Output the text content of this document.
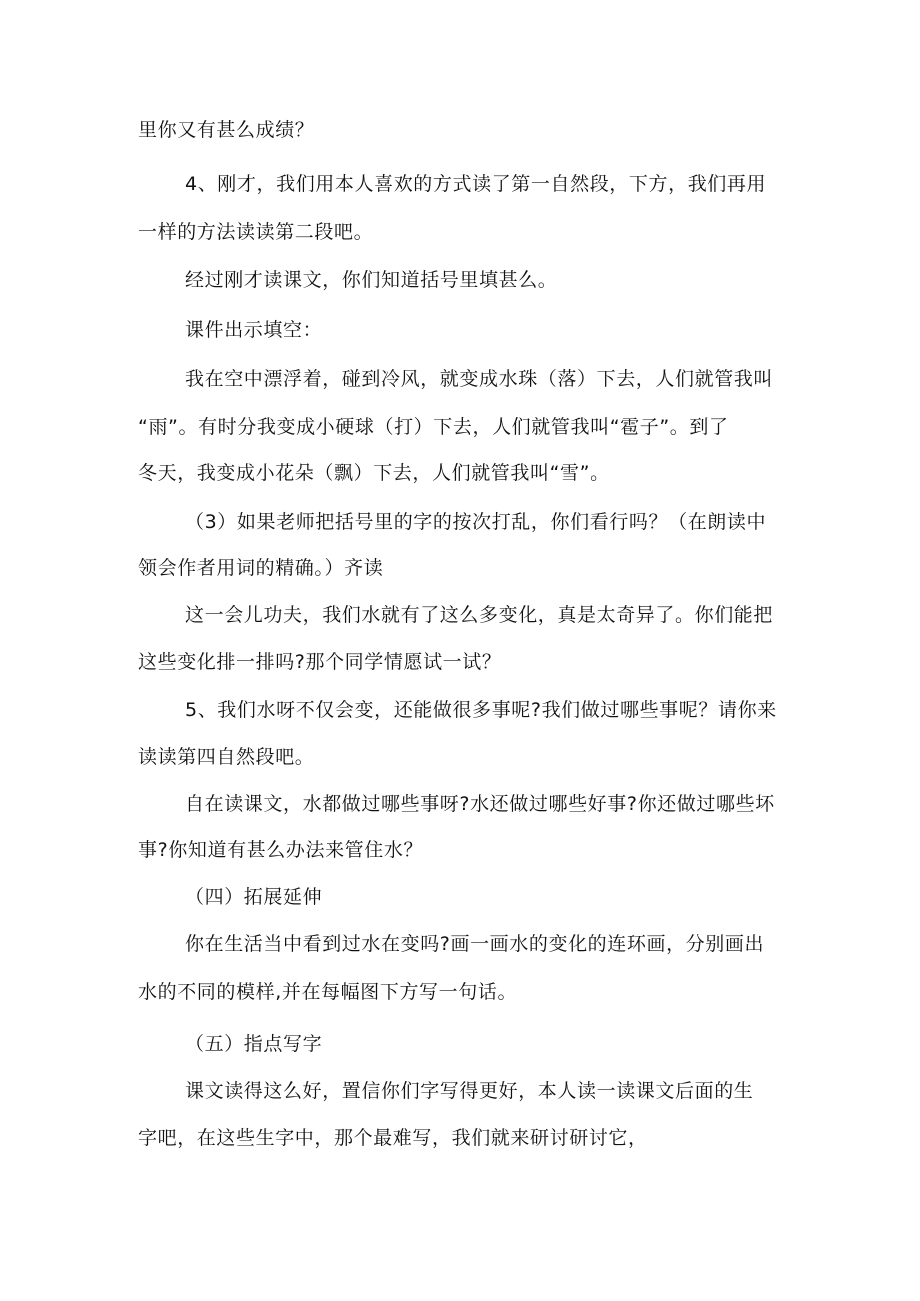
里你又有甚么成绩？
4、刚才，我们用本人喜欢的方式读了第一自然段，下方，我们再用
一样的方法读读第二段吧。
经过刚才读课文，你们知道括号里填甚么。
课件出示填空：
我在空中漂浮着，碰到冷风，就变成水珠（落）下去，人们就管我叫
“雨”。有时分我变成小硬球（打）下去，人们就管我叫“雹子”。到了
冬天，我变成小花朵（飘）下去，人们就管我叫“雪”。
（3）如果老师把括号里的字的按次打乱，你们看行吗？（在朗读中
领会作者用词的精确。）齐读
这一会儿功夫，我们水就有了这么多变化，真是太奇异了。你们能把
这些变化排一排吗?那个同学情愿试一试？
5、我们水呀不仅会变，还能做很多事呢?我们做过哪些事呢？请你来
读读第四自然段吧。
自在读课文，水都做过哪些事呀?水还做过哪些好事?你还做过哪些坏
事?你知道有甚么办法来管住水？
（四）拓展延伸
你在生活当中看到过水在变吗?画一画水的变化的连环画，分别画出
水的不同的模样,并在每幅图下方写一句话。
（五）指点写字
课文读得这么好，置信你们字写得更好，本人读一读课文后面的生
字吧，在这些生字中，那个最难写，我们就来研讨研讨它，
